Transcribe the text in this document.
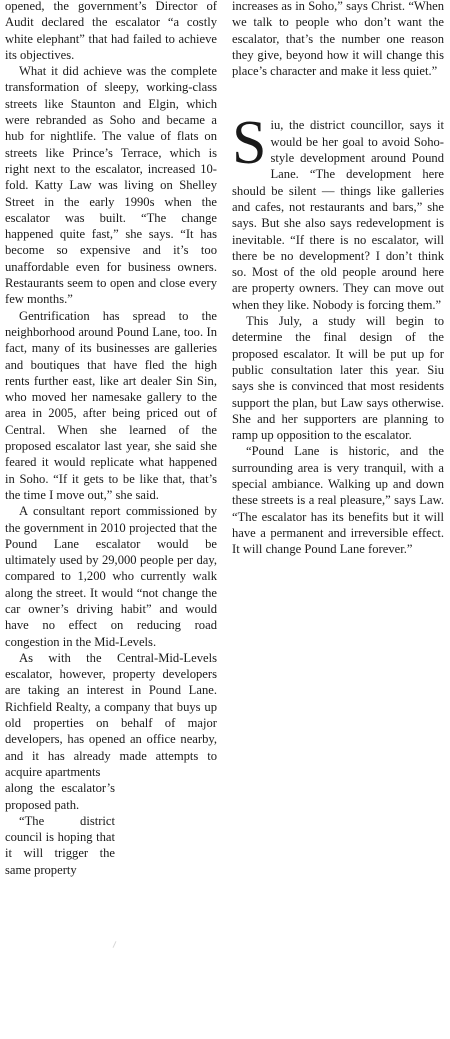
opened, the government’s Director of Audit declared the escalator “a costly white elephant” that had failed to achieve its objectives.

What it did achieve was the complete transformation of sleepy, working-class streets like Staunton and Elgin, which were rebranded as Soho and became a hub for nightlife. The value of flats on streets like Prince’s Terrace, which is right next to the escalator, increased 10-fold. Katty Law was living on Shelley Street in the early 1990s when the escalator was built. “The change happened quite fast,” she says. “It has become so expensive and it’s too unaffordable even for business owners. Restaurants seem to open and close every few months.”

Gentrification has spread to the neighborhood around Pound Lane, too. In fact, many of its businesses are galleries and boutiques that have fled the high rents further east, like art dealer Sin Sin, who moved her namesake gallery to the area in 2005, after being priced out of Central. When she learned of the proposed escalator last year, she said she feared it would replicate what happened in Soho. “If it gets to be like that, that’s the time I move out,” she said.

A consultant report commissioned by the government in 2010 projected that the Pound Lane escalator would be ultimately used by 29,000 people per day, compared to 1,200 who currently walk along the street. It would “not change the car owner’s driving habit” and would have no effect on reducing road congestion in the Mid-Levels.

As with the Central-Mid-Levels escalator, however, property developers are taking an interest in Pound Lane. Richfield Realty, a company that buys up old properties on behalf of major developers, has opened an office nearby, and it has already made attempts to acquire apartments

along the escalator’s proposed path.

“The district council is hoping that it will trigger the same property

increases as in Soho,” says Christ. “When we talk to people who don’t want the escalator, that’s the number one reason they give, beyond how it will change this place’s character and make it less quiet.”

Siu, the district councillor, says it would be her goal to avoid Soho-style development around Pound Lane. “The development here should be silent — things like galleries and cafes, not restaurants and bars,” she says. But she also says redevelopment is inevitable. “If there is no escalator, will there be no development? I don’t think so. Most of the old people around here are property owners. They can move out when they like. Nobody is forcing them.”

This July, a study will begin to determine the final design of the proposed escalator. It will be put up for public consultation later this year. Siu says she is convinced that most residents support the plan, but Law says otherwise. She and her supporters are planning to ramp up opposition to the escalator.

“Pound Lane is historic, and the surrounding area is very tranquil, with a special ambiance. Walking up and down these streets is a real pleasure,” says Law. “The escalator has its benefits but it will have a permanent and irreversible effect. It will change Pound Lane forever.”
